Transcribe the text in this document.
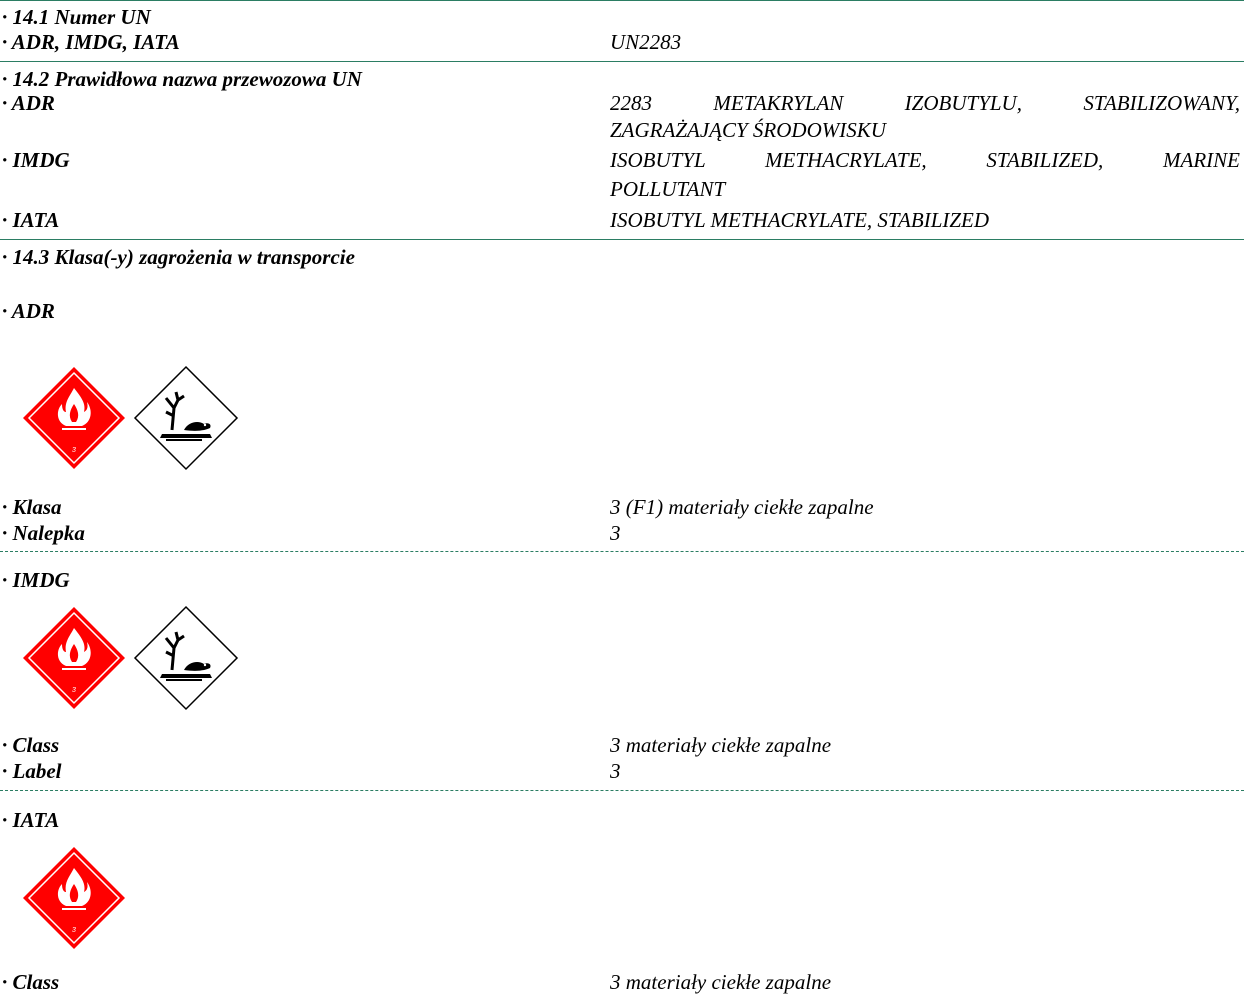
· 14.1 Numer UN
· ADR, IMDG, IATA	UN2283
· 14.2 Prawidłowa nazwa przewozowa UN
· ADR	2283 METAKRYLAN IZOBUTYLU, STABILIZOWANY,
ZAGRAŻAJĄCY ŚRODOWISKU
· IMDG	ISOBUTYL METHACRYLATE, STABILIZED, MARINE
POLLUTANT
· IATA	ISOBUTYL METHACRYLATE, STABILIZED
· 14.3 Klasa(-y) zagrożenia w transporcie
· ADR
· Klasa	3 (F1) materiały ciekłe zapalne
· Nalepka	3
· IMDG
· Class	3 materiały ciekłe zapalne
· Label	3
· IATA
· Class	3 materiały ciekłe zapalne
